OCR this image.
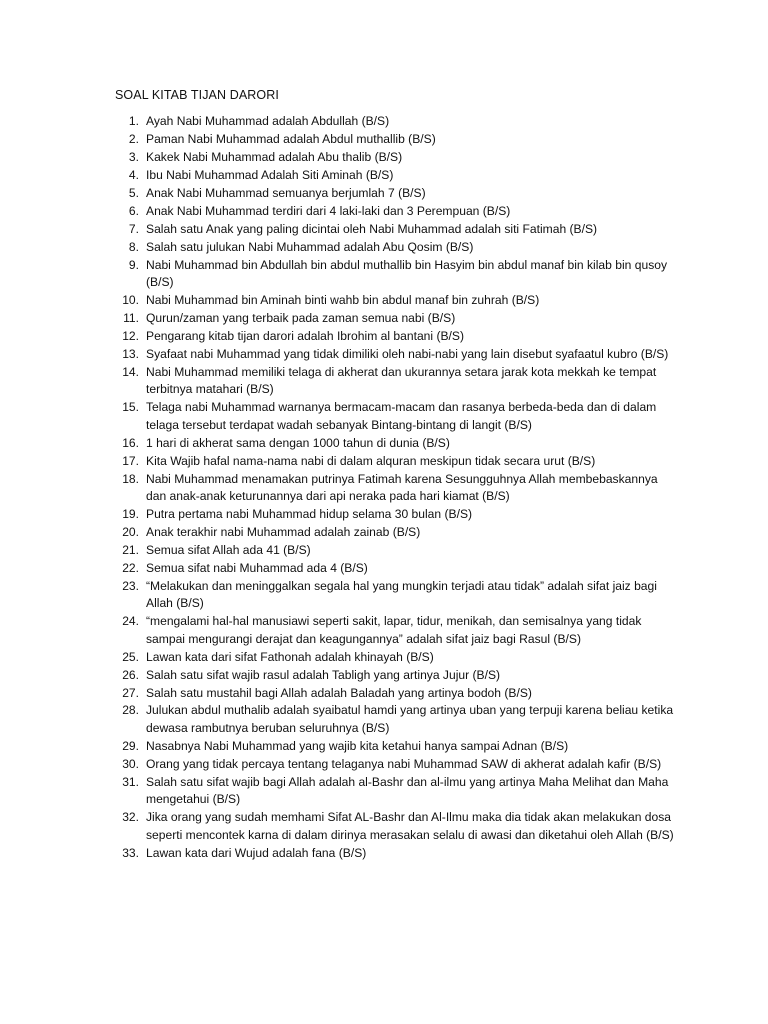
SOAL KITAB TIJAN DARORI
1. Ayah Nabi Muhammad adalah Abdullah (B/S)
2. Paman Nabi Muhammad adalah Abdul muthallib (B/S)
3. Kakek Nabi Muhammad adalah Abu thalib (B/S)
4. Ibu Nabi Muhammad Adalah Siti Aminah (B/S)
5. Anak Nabi Muhammad semuanya berjumlah 7 (B/S)
6. Anak Nabi Muhammad terdiri dari 4 laki-laki dan 3 Perempuan (B/S)
7. Salah satu Anak yang paling dicintai oleh Nabi Muhammad adalah siti Fatimah (B/S)
8. Salah satu julukan Nabi Muhammad adalah Abu Qosim (B/S)
9. Nabi Muhammad bin Abdullah bin abdul muthallib bin Hasyim bin abdul manaf bin kilab bin qusoy (B/S)
10. Nabi Muhammad bin Aminah binti wahb bin abdul manaf bin zuhrah (B/S)
11. Qurun/zaman yang terbaik pada zaman semua nabi (B/S)
12. Pengarang kitab tijan darori adalah Ibrohim al bantani (B/S)
13. Syafaat nabi Muhammad yang tidak dimiliki oleh nabi-nabi yang lain disebut syafaatul kubro (B/S)
14. Nabi Muhammad memiliki telaga di akherat dan ukurannya setara jarak kota mekkah ke tempat terbitnya matahari (B/S)
15. Telaga nabi Muhammad warnanya bermacam-macam dan rasanya berbeda-beda dan di dalam telaga tersebut terdapat wadah sebanyak Bintang-bintang di langit (B/S)
16. 1 hari di akherat sama dengan 1000 tahun di dunia (B/S)
17. Kita Wajib hafal nama-nama nabi di dalam alquran meskipun tidak secara urut (B/S)
18. Nabi Muhammad menamakan putrinya Fatimah karena Sesungguhnya Allah membebaskannya dan anak-anak keturunannya dari api neraka pada hari kiamat (B/S)
19. Putra pertama nabi Muhammad hidup selama 30 bulan (B/S)
20. Anak terakhir nabi Muhammad adalah zainab (B/S)
21. Semua sifat Allah ada 41 (B/S)
22. Semua sifat nabi Muhammad ada 4 (B/S)
23. “Melakukan dan meninggalkan segala hal yang mungkin terjadi atau tidak” adalah sifat jaiz bagi Allah (B/S)
24. “mengalami hal-hal manusiawi seperti sakit, lapar, tidur, menikah, dan semisalnya yang tidak sampai mengurangi derajat dan keagungannya” adalah sifat jaiz bagi Rasul (B/S)
25. Lawan kata dari sifat Fathonah adalah khinayah (B/S)
26. Salah satu sifat wajib rasul adalah Tabligh yang artinya Jujur (B/S)
27. Salah satu mustahil bagi Allah adalah Baladah yang artinya bodoh (B/S)
28. Julukan abdul muthalib adalah syaibatul hamdi yang artinya uban yang terpuji karena beliau ketika dewasa rambutnya beruban seluruhnya (B/S)
29. Nasabnya Nabi Muhammad yang wajib kita ketahui hanya sampai Adnan (B/S)
30. Orang yang tidak percaya tentang telaganya nabi Muhammad SAW di akherat adalah kafir (B/S)
31. Salah satu sifat wajib bagi Allah adalah al-Bashr dan al-ilmu yang artinya Maha Melihat dan Maha mengetahui (B/S)
32. Jika orang yang sudah memhami Sifat AL-Bashr dan Al-Ilmu maka dia tidak akan melakukan dosa seperti mencontek karna di dalam dirinya merasakan selalu di awasi dan diketahui oleh Allah (B/S)
33. Lawan kata dari Wujud adalah fana (B/S)
